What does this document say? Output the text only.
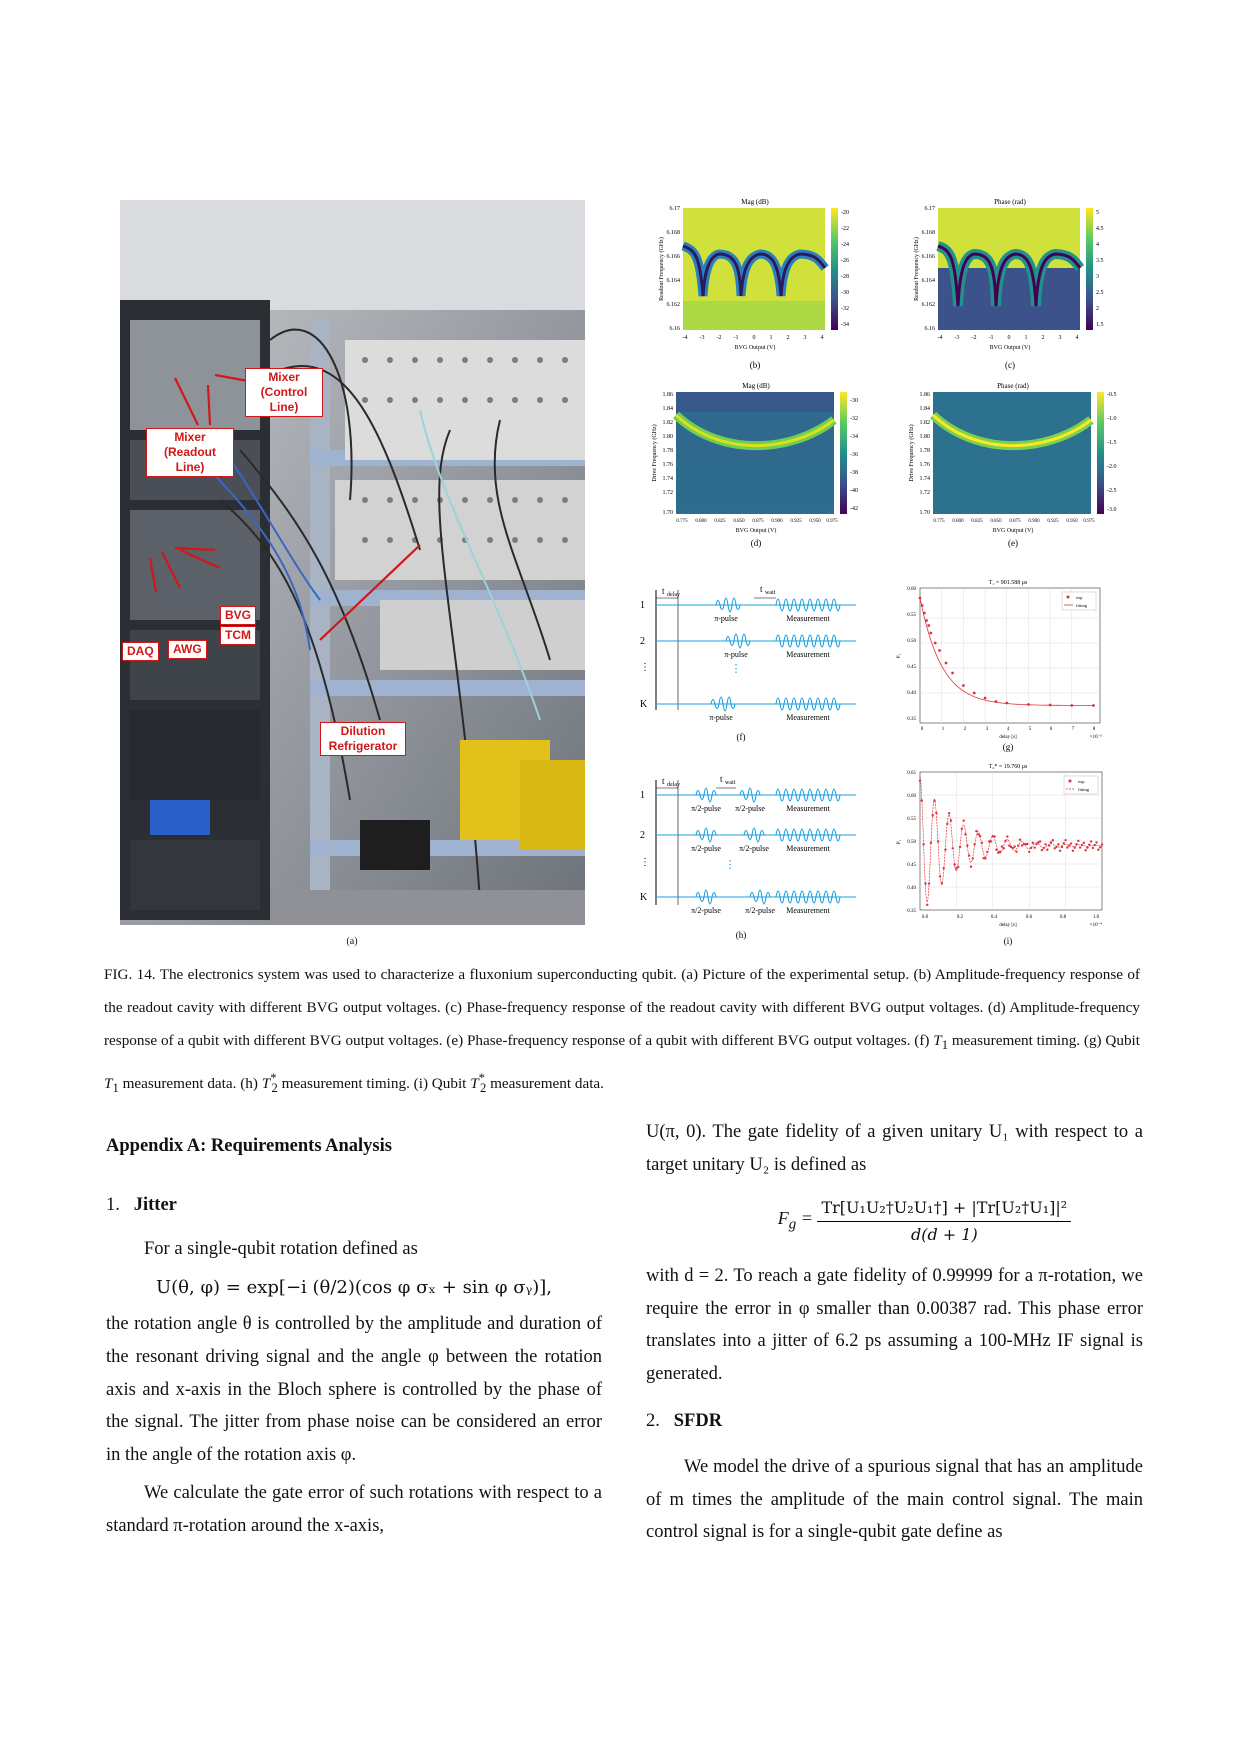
Mixer
(Control Line)
Mixer
(Readout Line)
BVG
TCM
DAQ	AWG
Dilution
Refrigerator
(a)
Mag (dB)
6.17
6.168
6.166
6.164
6.162
6.16
-4 -3 -2 -1 0 1 2 3 4
-20
-22
-24
-26
-28
-30
-32
-34
BVG Output (V)
Readout Frequency (GHz)
(b)
Phase (rad)
6.17
6.168
6.166
6.164
6.162
6.16
-4 -3 -2 -1 0 1 2 3 4
5
4.5
4
3.5
3
2.5
2
1.5
BVG Output (V)
Readout Frequency (GHz)
(c)
Mag (dB)
1.86
1.84
1.82
1.80
1.78
1.76
1.74
1.72
1.70
0.775 0.800 0.825 0.850 0.875 0.900 0.925 0.950 0.975
-30
-32
-34
-36
-38
-40
-42
BVG Output (V)
Drive Frequency (GHz)
(d)
Phase (rad)
1.86
1.84
1.82
1.80
1.78
1.76
1.74
1.72
1.70
0.775 0.800 0.825 0.850 0.875 0.900 0.925 0.950 0.975
-0.5
-1.0
-1.5
-2.0
-2.5
-3.0
BVG Output (V)
Drive Frequency (GHz)
(e)
t delay
t wait
1
2
⋮
K
π-pulse
π-pulse
π-pulse
Measurement
Measurement
Measurement
⋮
(f)
T₁ = 901.588 μs
0.60
0.55
0.50
0.45
0.40
0.35
0	1	2	3	4	5	6	7	8
×10⁻⁵
delay [s]
P₁
exp
fitting
(g)
t delay
t wait
1
2
⋮
K
π/2-pulse π/2-pulse
π/2-pulse π/2-pulse
π/2-pulse	π/2-pulse
Measurement
Measurement
Measurement
⋮
(h)
T₂* = 19.760 μs
0.65
0.60
0.55
0.50
0.45
0.40
0.35
0.0	0.2	0.4	0.6	0.8	1.0
×10⁻⁴
delay [s]
P₁
exp
fitting
(i)
FIG. 14. The electronics system was used to characterize a fluxonium superconducting qubit. (a) Picture of the experimental setup. (b) Amplitude-frequency response of the readout cavity with different BVG output voltages. (c) Phase-frequency response of the readout cavity with different BVG output voltages. (d) Amplitude-frequency response of a qubit with different BVG output voltages. (e) Phase-frequency response of a qubit with different BVG output voltages. (f) $T_1$ measurement timing. (g) Qubit $T_1$ measurement data. (h) $T^*_2$ measurement timing. (i) Qubit $T^*_2$ measurement data.
Appendix A: Requirements Analysis
1. Jitter
For a single-qubit rotation defined as
U(θ, φ) = exp[−i (θ/2)(cos φ σₓ + sin φ σᵧ)],
the rotation angle θ is controlled by the amplitude and duration of the resonant driving signal and the angle φ between the rotation axis and x-axis in the Bloch sphere is controlled by the phase of the signal. The jitter from phase noise can be considered an error in the angle of the rotation axis φ.
We calculate the gate error of such rotations with respect to a standard π-rotation around the x-axis,
U(π, 0). The gate fidelity of a given unitary U₁ with respect to a target unitary U₂ is defined as
$F_g = \frac{\text{Tr[U₁U₂†U₂U₁†] + |Tr[U₂†U₁]|²}}{d(d + 1)}$
with d = 2. To reach a gate fidelity of 0.99999 for a π-rotation, we require the error in φ smaller than 0.00387 rad. This phase error translates into a jitter of 6.2 ps assuming a 100-MHz IF signal is generated.
2. SFDR
We model the drive of a spurious signal that has an amplitude of m times the amplitude of the main control signal. The main control signal is for a single-qubit gate define as
